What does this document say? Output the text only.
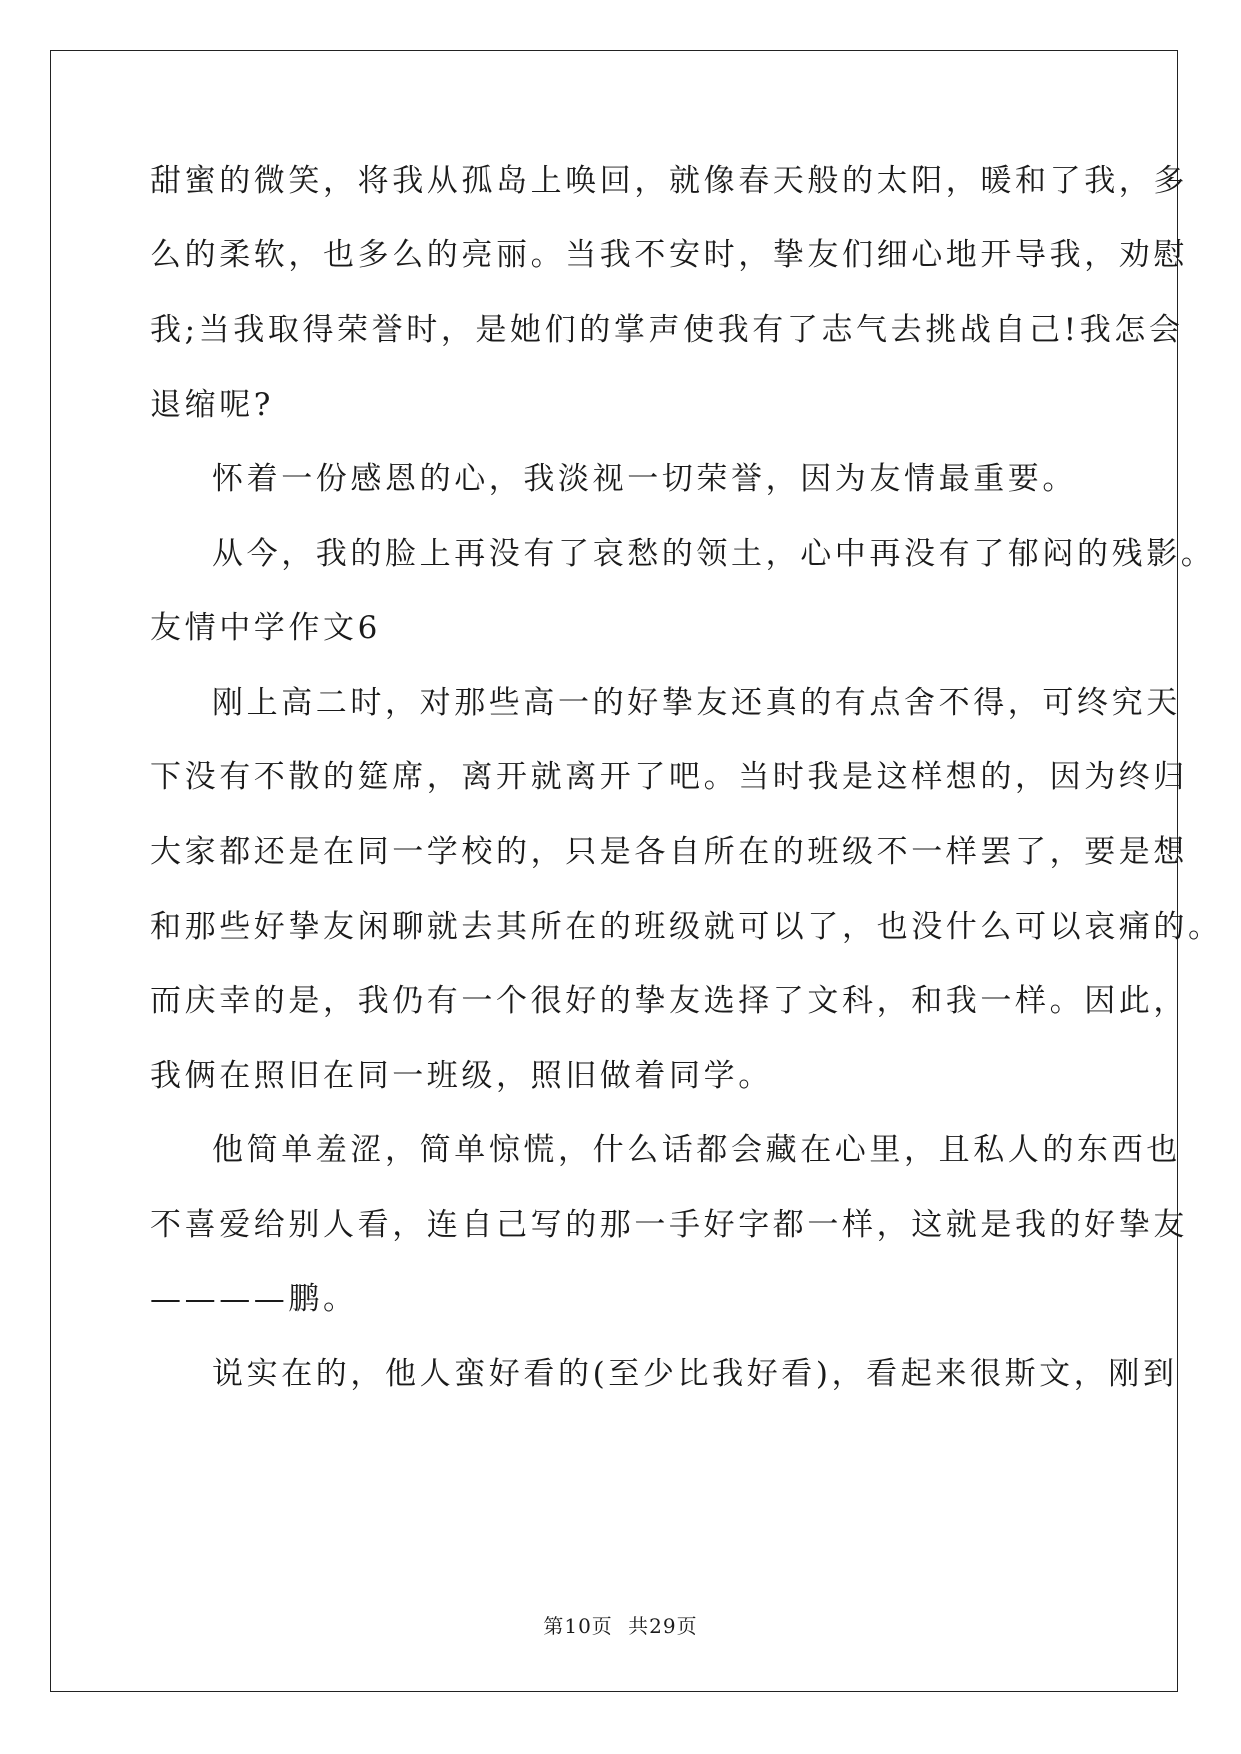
甜蜜的微笑，将我从孤岛上唤回，就像春天般的太阳，暖和了我，多
么的柔软，也多么的亮丽。当我不安时，挚友们细心地开导我，劝慰
我;当我取得荣誉时，是她们的掌声使我有了志气去挑战自己!我怎会
退缩呢?
怀着一份感恩的心，我淡视一切荣誉，因为友情最重要。
从今，我的脸上再没有了哀愁的领土，心中再没有了郁闷的残影。
友情中学作文6
刚上高二时，对那些高一的好挚友还真的有点舍不得，可终究天
下没有不散的筵席，离开就离开了吧。当时我是这样想的，因为终归
大家都还是在同一学校的，只是各自所在的班级不一样罢了，要是想
和那些好挚友闲聊就去其所在的班级就可以了，也没什么可以哀痛的。
而庆幸的是，我仍有一个很好的挚友选择了文科，和我一样。因此，
我俩在照旧在同一班级，照旧做着同学。
他简单羞涩，简单惊慌，什么话都会藏在心里，且私人的东西也
不喜爱给别人看，连自己写的那一手好字都一样，这就是我的好挚友
————鹏。
说实在的，他人蛮好看的(至少比我好看)，看起来很斯文，刚到
第10页 共29页
